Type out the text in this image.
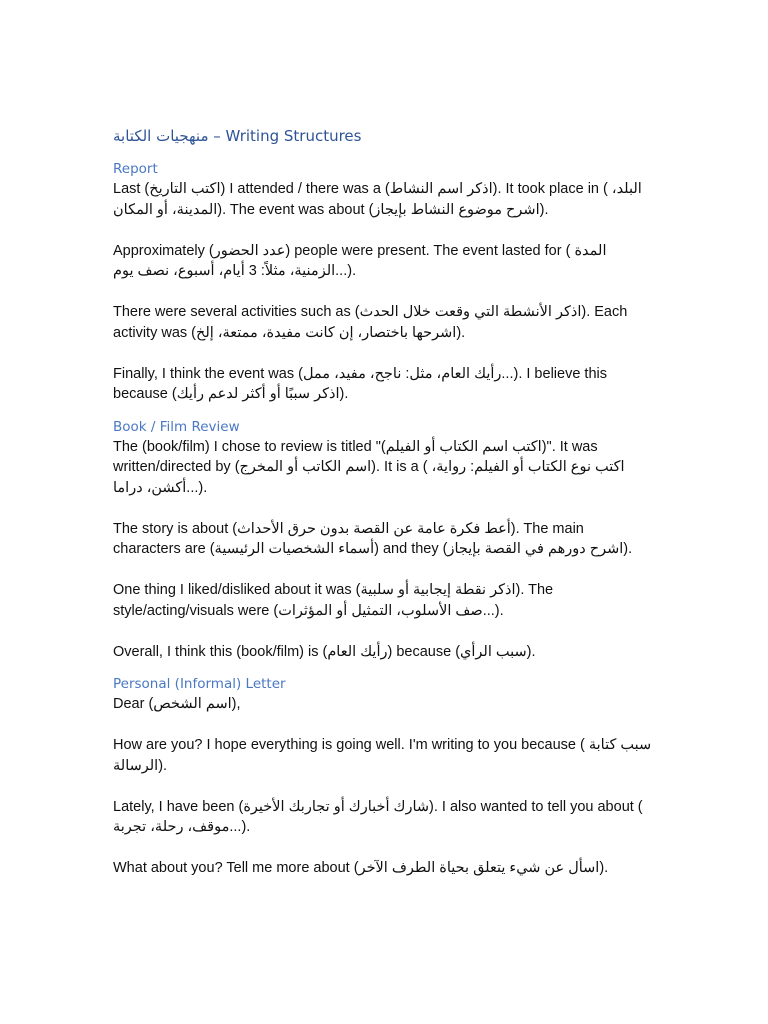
منهجيات الكتابة – Writing Structures
Report

Last (اكتب التاريخ) I attended / there was a (اذكر اسم النشاط). It took place in ( البلد، المدينة، أو المكان). The event was about (اشرح موضوع النشاط بإيجاز).

Approximately (عدد الحضور) people were present. The event lasted for ( المدة الزمنية، مثلاً: 3 أيام، أسبوع، نصف يوم...).

There were several activities such as (اذكر الأنشطة التي وقعت خلال الحدث). Each activity was (اشرحها باختصار، إن كانت مفيدة، ممتعة، إلخ).

Finally, I think the event was (رأيك العام، مثل: ناجح، مفيد، ممل...). I believe this because (اذكر سببًا أو أكثر لدعم رأيك).

Book / Film Review

The (book/film) I chose to review is titled "(اكتب اسم الكتاب أو الفيلم)". It was written/directed by (اسم الكاتب أو المخرج). It is a ( اكتب نوع الكتاب أو الفيلم: رواية، أكشن، دراما...).

The story is about (أعط فكرة عامة عن القصة بدون حرق الأحداث). The main characters are (أسماء الشخصيات الرئيسية) and they (اشرح دورهم في القصة بإيجاز).

One thing I liked/disliked about it was (اذكر نقطة إيجابية أو سلبية). The style/acting/visuals were (صف الأسلوب، التمثيل أو المؤثرات...).

Overall, I think this (book/film) is (رأيك العام) because (سبب الرأي).

Personal (Informal) Letter

Dear (اسم الشخص),

How are you? I hope everything is going well. I'm writing to you because ( سبب كتابة الرسالة).

Lately, I have been (شارك أخبارك أو تجاربك الأخيرة). I also wanted to tell you about ( موقف، رحلة، تجربة...).

What about you? Tell me more about (اسأل عن شيء يتعلق بحياة الطرف الآخر).
